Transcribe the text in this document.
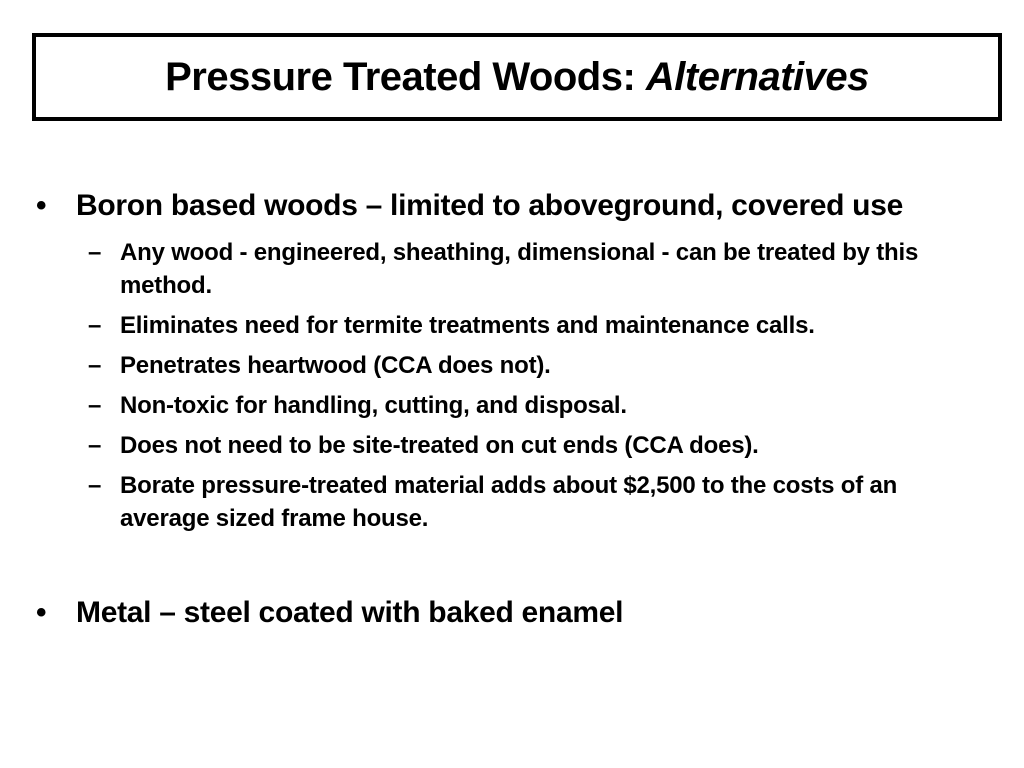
Pressure Treated Woods: Alternatives
• Boron based woods – limited to aboveground, covered use
– Any wood - engineered, sheathing, dimensional - can be treated by this method.
– Eliminates need for termite treatments and maintenance calls.
– Penetrates heartwood (CCA does not).
– Non-toxic for handling, cutting, and disposal.
– Does not need to be site-treated on cut ends (CCA does).
– Borate pressure-treated material adds about $2,500 to the costs of an average sized frame house.
• Metal – steel coated with baked enamel
